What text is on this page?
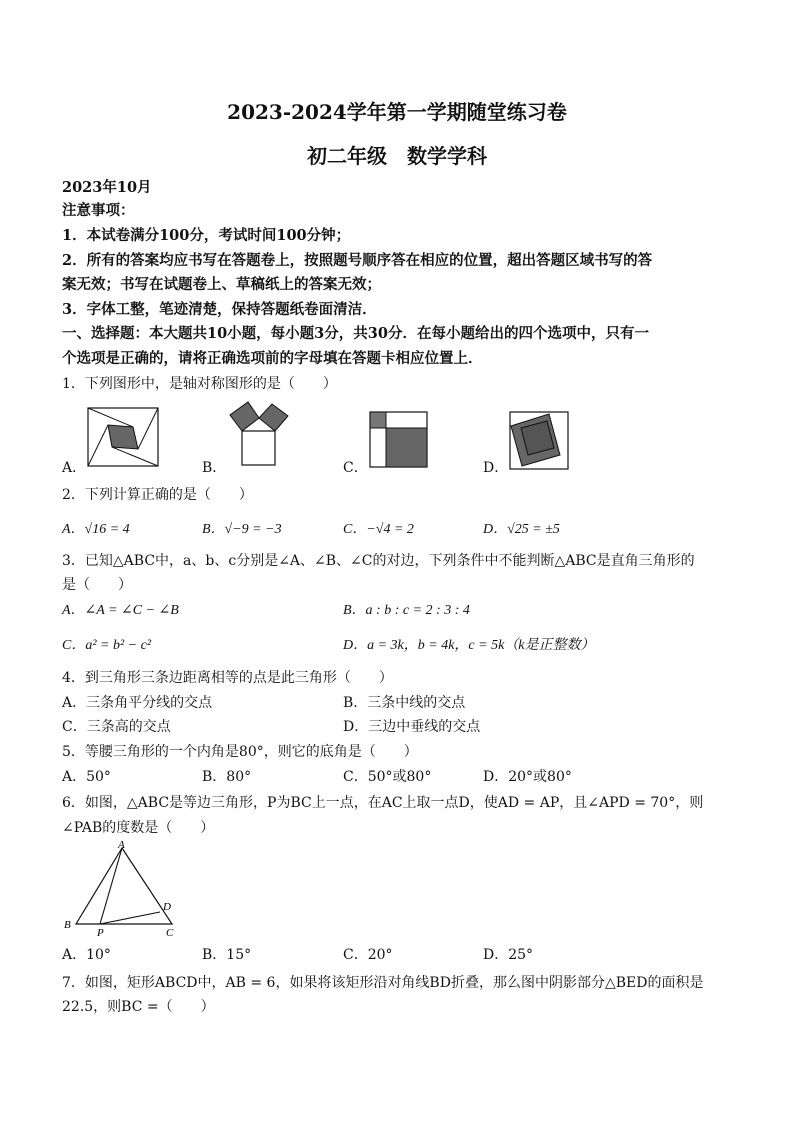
2023-2024学年第一学期随堂练习卷
初二年级　数学学科
2023年10月
注意事项：
1．本试卷满分100分，考试时间100分钟；
2．所有的答案均应书写在答题卷上，按照题号顺序答在相应的位置，超出答题区域书写的答
案无效；书写在试题卷上、草稿纸上的答案无效；
3．字体工整，笔迹清楚，保持答题纸卷面清洁．
一、选择题：本大题共10小题，每小题3分，共30分．在每小题给出的四个选项中，只有一
个选项是正确的，请将正确选项前的字母填在答题卡相应位置上．
1．下列图形中，是轴对称图形的是（　　）
A．	B．	C．	D．
2．下列计算正确的是（　　）
A．√16 = 4	B．√−9 = −3	C．−√4 = 2	D．√25 = ±5
3．已知△ABC中，a、b、c分别是∠A、∠B、∠C的对边，下列条件中不能判断△ABC是直角三角形的
是（　　）
A．∠A = ∠C − ∠B	B．a : b : c = 2 : 3 : 4
C．a² = b² − c²	D．a = 3k，b = 4k，c = 5k（k是正整数）
4．到三角形三条边距离相等的点是此三角形（　　）
A．三条角平分线的交点	B．三条中线的交点
C．三条高的交点	D．三边中垂线的交点
5．等腰三角形的一个内角是80°，则它的底角是（　　）
A．50°	B．80°	C．50°或80°	D．20°或80°
6．如图，△ABC是等边三角形，P为BC上一点，在AC上取一点D，使AD = AP，且∠APD = 70°，则
∠PAB的度数是（　　）
A
B
P	C
D
A．10°	B．15°	C．20°	D．25°
7．如图，矩形ABCD中，AB = 6，如果将该矩形沿对角线BD折叠，那么图中阴影部分△BED的面积是
22.5，则BC =（　　）
